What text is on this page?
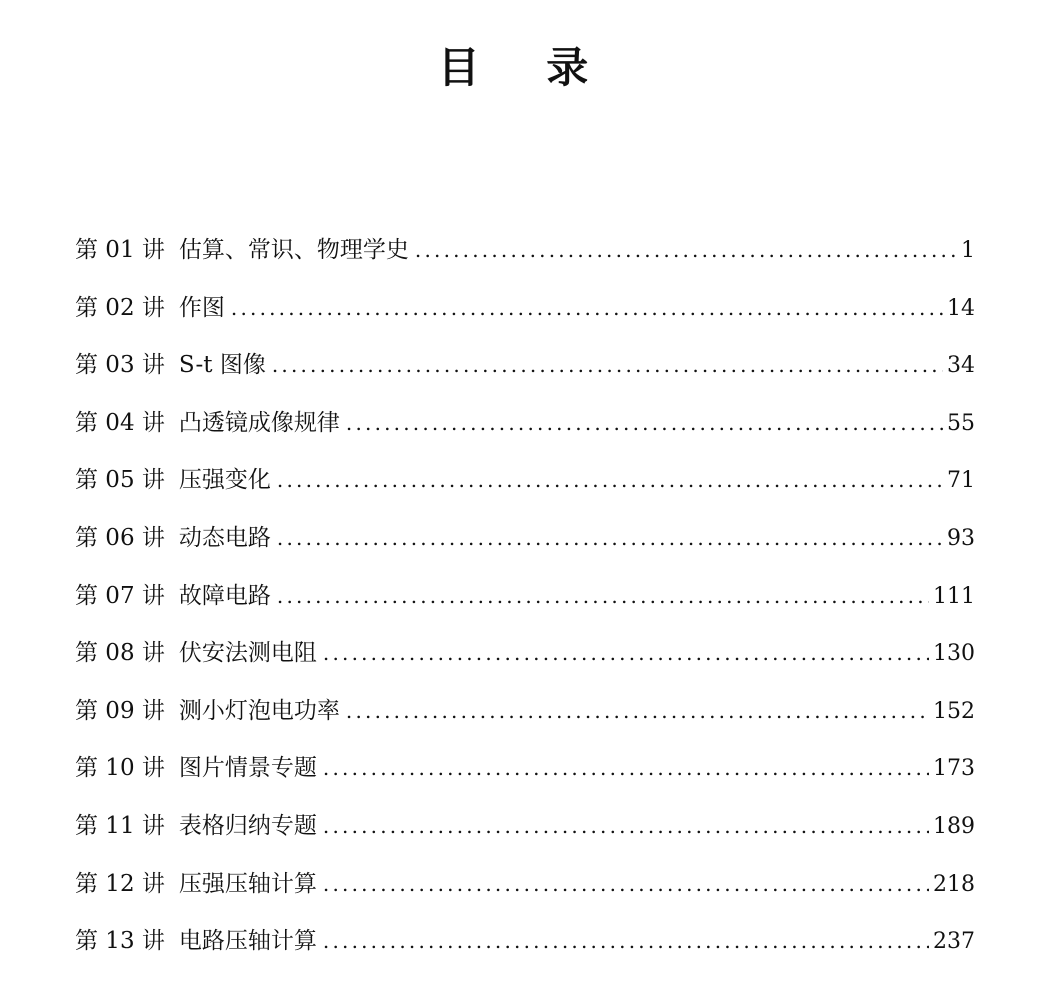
目 录
第 01 讲 估算、常识、物理学史 .....	1
第 02 讲 作图 .....	14
第 03 讲 S-t 图像 .....	34
第 04 讲 凸透镜成像规律 .....	55
第 05 讲 压强变化 .....	71
第 06 讲 动态电路 .....	93
第 07 讲 故障电路 .....	111
第 08 讲 伏安法测电阻 .....	130
第 09 讲 测小灯泡电功率 .....	152
第 10 讲 图片情景专题 .....	173
第 11 讲 表格归纳专题 .....	189
第 12 讲 压强压轴计算 .....	218
第 13 讲 电路压轴计算 .....	237
